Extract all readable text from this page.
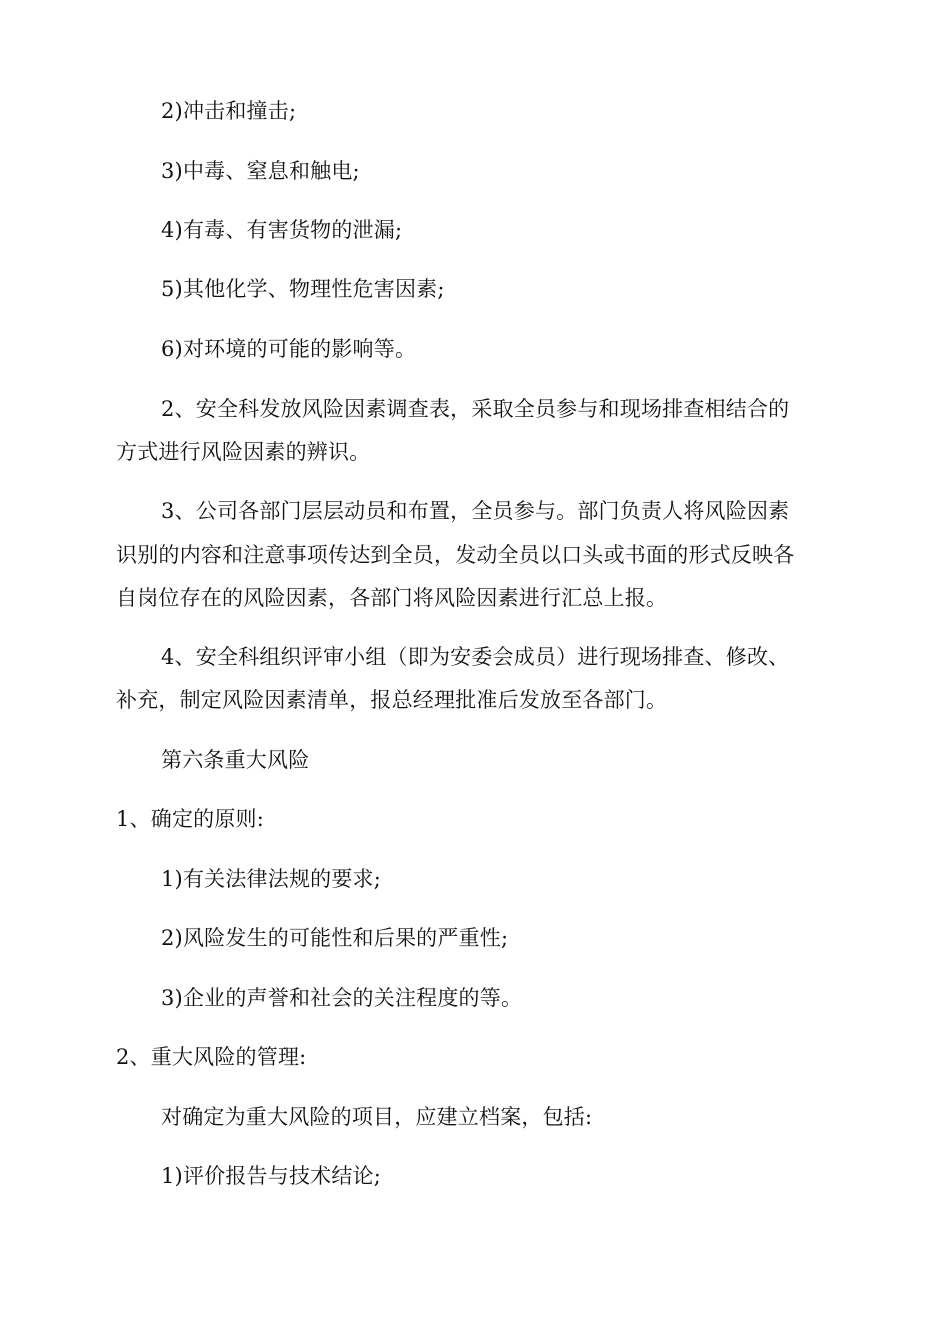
2)冲击和撞击;
3)中毒、窒息和触电;
4)有毒、有害货物的泄漏;
5)其他化学、物理性危害因素;
6)对环境的可能的影响等。
2、安全科发放风险因素调查表，采取全员参与和现场排查相结合的
方式进行风险因素的辨识。
3、公司各部门层层动员和布置，全员参与。部门负责人将风险因素
识别的内容和注意事项传达到全员，发动全员以口头或书面的形式反映各
自岗位存在的风险因素，各部门将风险因素进行汇总上报。
4、安全科组织评审小组（即为安委会成员）进行现场排查、修改、
补充，制定风险因素清单，报总经理批准后发放至各部门。
第六条重大风险
1、确定的原则:
1)有关法律法规的要求;
2)风险发生的可能性和后果的严重性;
3)企业的声誉和社会的关注程度的等。
2、重大风险的管理:
对确定为重大风险的项目，应建立档案，包括:
1)评价报告与技术结论;
